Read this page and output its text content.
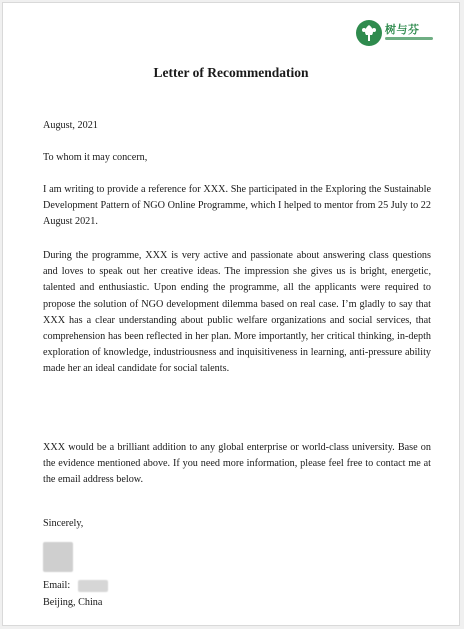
树与芬
Letter of Recommendation
August, 2021
To whom it may concern,
I am writing to provide a reference for XXX. She participated in the Exploring the Sustainable Development Pattern of NGO Online Programme, which I helped to mentor from 25 July to 22 August 2021.
During the programme, XXX is very active and passionate about answering class questions and loves to speak out her creative ideas. The impression she gives us is bright, energetic, talented and enthusiastic. Upon ending the programme, all the applicants were required to propose the solution of NGO development dilemma based on real case. I’m gladly to say that XXX has a clear understanding about public welfare organizations and social services, that comprehension has been reflected in her plan. More importantly, her critical thinking, in-depth exploration of knowledge, industriousness and inquisitiveness in learning, anti-pressure ability made her an ideal candidate for social talents.
XXX would be a brilliant addition to any global enterprise or world-class university. Base on the evidence mentioned above. If you need more information, please feel free to contact me at the email address below.
Sincerely,
Email:
Beijing, China
